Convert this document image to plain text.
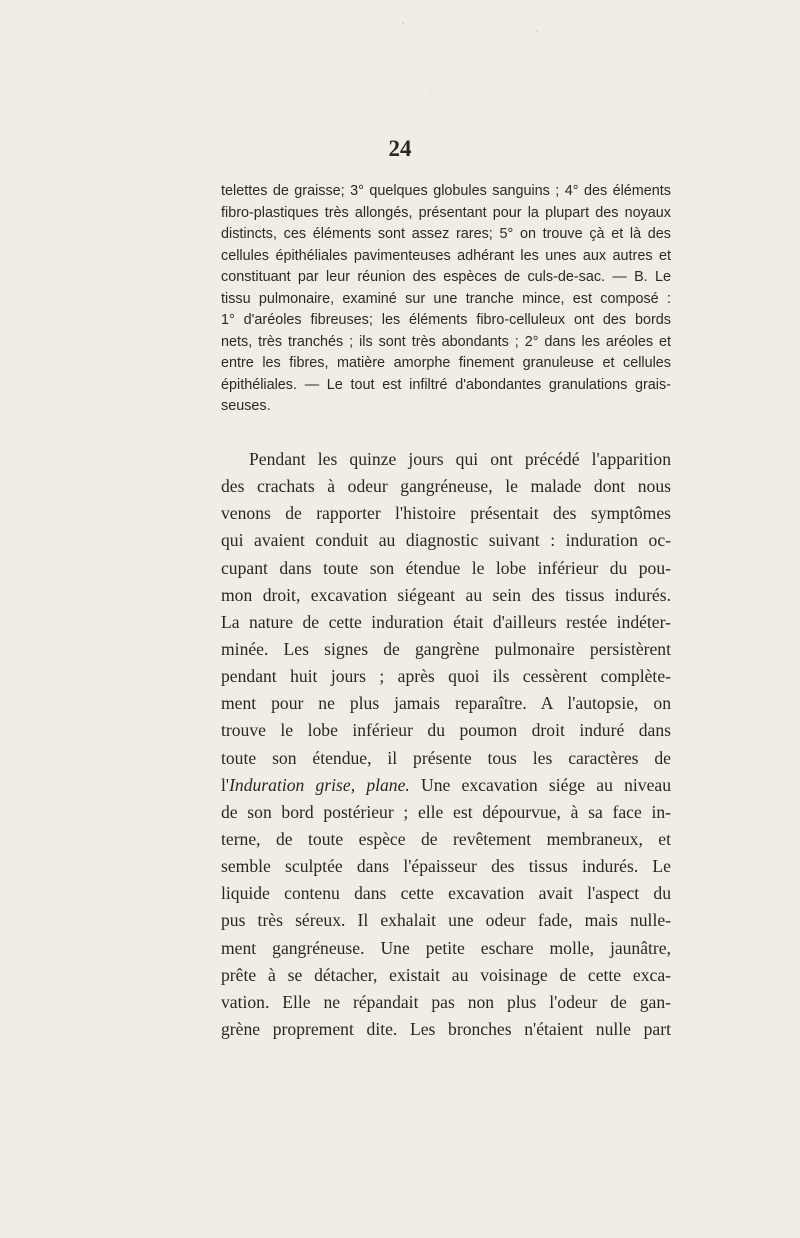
24
telettes de graisse; 3° quelques globules sanguins ; 4° des éléments
fibro-plastiques très allongés, présentant pour la plupart des noyaux
distincts, ces éléments sont assez rares; 5° on trouve çà et là des
cellules épithéliales pavimenteuses adhérant les unes aux autres et
constituant par leur réunion des espèces de culs-de-sac. — B. Le
tissu pulmonaire, examiné sur une tranche mince, est composé :
1° d'aréoles fibreuses; les éléments fibro-celluleux ont des bords
nets, très tranchés ; ils sont très abondants ; 2° dans les aréoles et
entre les fibres, matière amorphe finement granuleuse et cellules
épithéliales. — Le tout est infiltré d'abondantes granulations grais-
seuses.
Pendant les quinze jours qui ont précédé l'apparition
des crachats à odeur gangréneuse, le malade dont nous
venons de rapporter l'histoire présentait des symptômes
qui avaient conduit au diagnostic suivant : induration oc-
cupant dans toute son étendue le lobe inférieur du pou-
mon droit, excavation siégeant au sein des tissus indurés.
La nature de cette induration était d'ailleurs restée indéter-
minée. Les signes de gangrène pulmonaire persistèrent
pendant huit jours ; après quoi ils cessèrent complète-
ment pour ne plus jamais reparaître. A l'autopsie, on
trouve le lobe inférieur du poumon droit induré dans
toute son étendue, il présente tous les caractères de
l'Induration grise, plane. Une excavation siége au niveau
de son bord postérieur ; elle est dépourvue, à sa face in-
terne, de toute espèce de revêtement membraneux, et
semble sculptée dans l'épaisseur des tissus indurés. Le
liquide contenu dans cette excavation avait l'aspect du
pus très séreux. Il exhalait une odeur fade, mais nulle-
ment gangréneuse. Une petite eschare molle, jaunâtre,
prête à se détacher, existait au voisinage de cette exca-
vation. Elle ne répandait pas non plus l'odeur de gan-
grène proprement dite. Les bronches n'étaient nulle part
